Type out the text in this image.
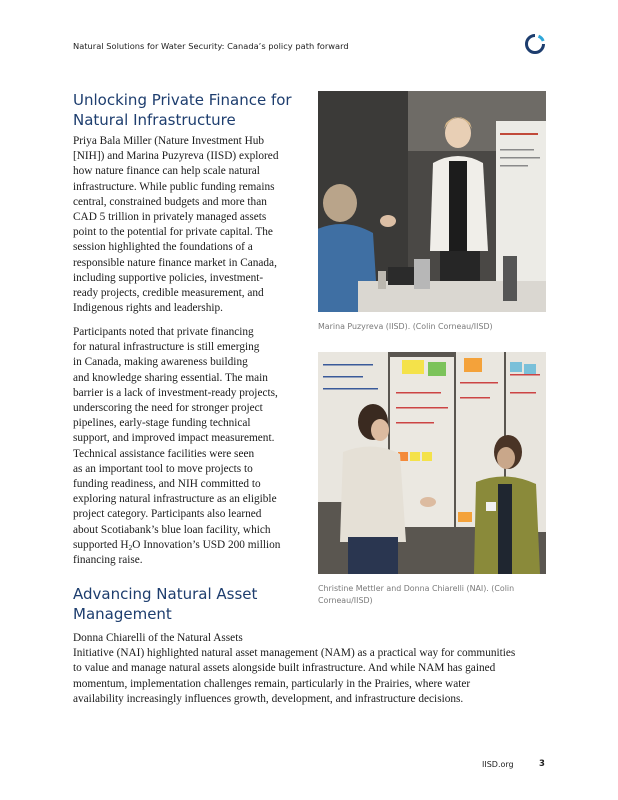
Natural Solutions for Water Security: Canada’s policy path forward
Unlocking Private Finance for
Natural Infrastructure
Priya Bala Miller (Nature Investment Hub
[NIH]) and Marina Puzyreva (IISD) explored
how nature finance can help scale natural
infrastructure. While public funding remains
central, constrained budgets and more than
CAD 5 trillion in privately managed assets
point to the potential for private capital. The
session highlighted the foundations of a
responsible nature finance market in Canada,
including supportive policies, investment-
ready projects, credible measurement, and
Indigenous rights and leadership.
Participants noted that private financing
for natural infrastructure is still emerging
in Canada, making awareness building
and knowledge sharing essential. The main
barrier is a lack of investment-ready projects,
underscoring the need for stronger project
pipelines, early-stage funding technical
support, and improved impact measurement.
Technical assistance facilities were seen
as an important tool to move projects to
funding readiness, and NIH committed to
exploring natural infrastructure as an eligible
project category. Participants also learned
about Scotiabank’s blue loan facility, which
supported $H_2O$ Innovation’s USD 200 million
financing raise.
Advancing Natural Asset
Management
Donna Chiarelli of the Natural Assets
Initiative (NAI) highlighted natural asset management (NAM) as a practical way for communities
to value and manage natural assets alongside built infrastructure. And while NAM has gained
momentum, implementation challenges remain, particularly in the Prairies, where water
availability increasingly influences growth, development, and infrastructure decisions.
Marina Puzyreva (IISD). (Colin Corneau/IISD)
Christine Mettler and Donna Chiarelli (NAI). (Colin
Corneau/IISD)
IISD.org	3
